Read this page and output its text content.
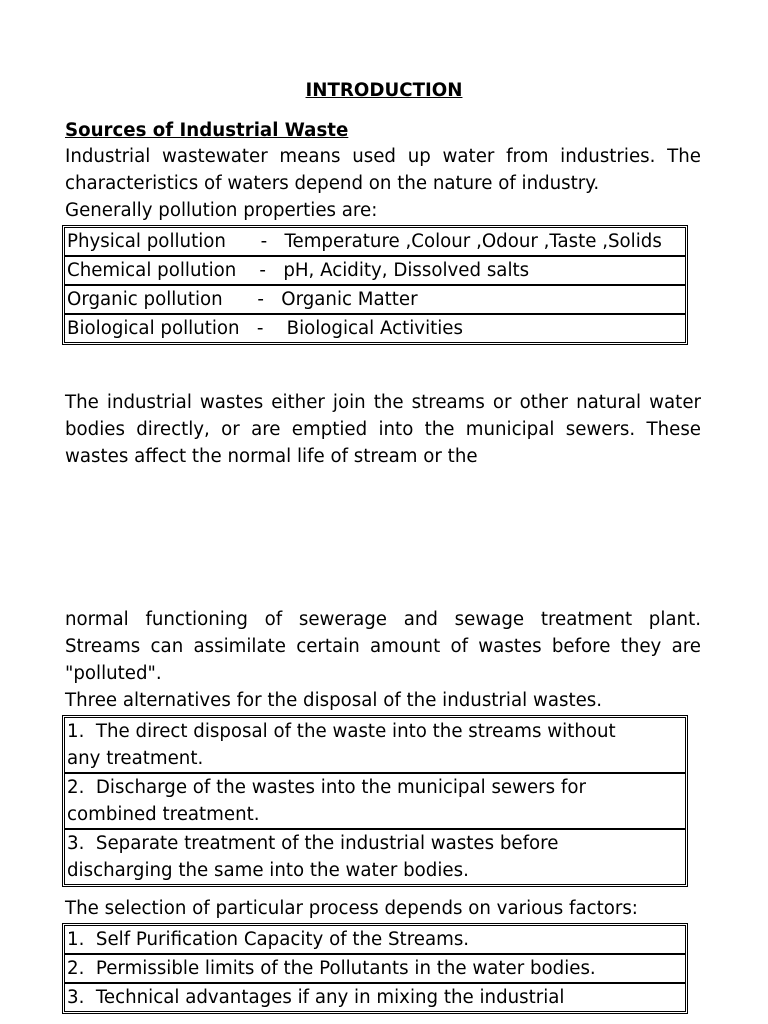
INTRODUCTION
Sources of Industrial Waste
Industrial wastewater means used up water from industries. The characteristics of waters depend on the nature of industry.
Generally pollution properties are:
Physical pollution      -   Temperature ,Colour ,Odour ,Taste ,Solids
Chemical pollution    -   pH, Acidity, Dissolved salts
Organic pollution      -   Organic Matter
Biological pollution   -    Biological Activities
The industrial wastes either join the streams or other natural water bodies directly, or are emptied into the municipal sewers. These wastes affect the normal life of stream or the
normal functioning of sewerage and sewage treatment plant. Streams can assimilate certain amount of wastes before they are "polluted".
Three alternatives for the disposal of the industrial wastes.
1.  The direct disposal of the waste into the streams without
any treatment.

2.  Discharge of the wastes into the municipal sewers for
combined treatment.

3.  Separate treatment of the industrial wastes before
discharging the same into the water bodies.
The selection of particular process depends on various factors:
1.  Self Purification Capacity of the Streams.
2.  Permissible limits of the Pollutants in the water bodies.
3.  Technical advantages if any in mixing the industrial
